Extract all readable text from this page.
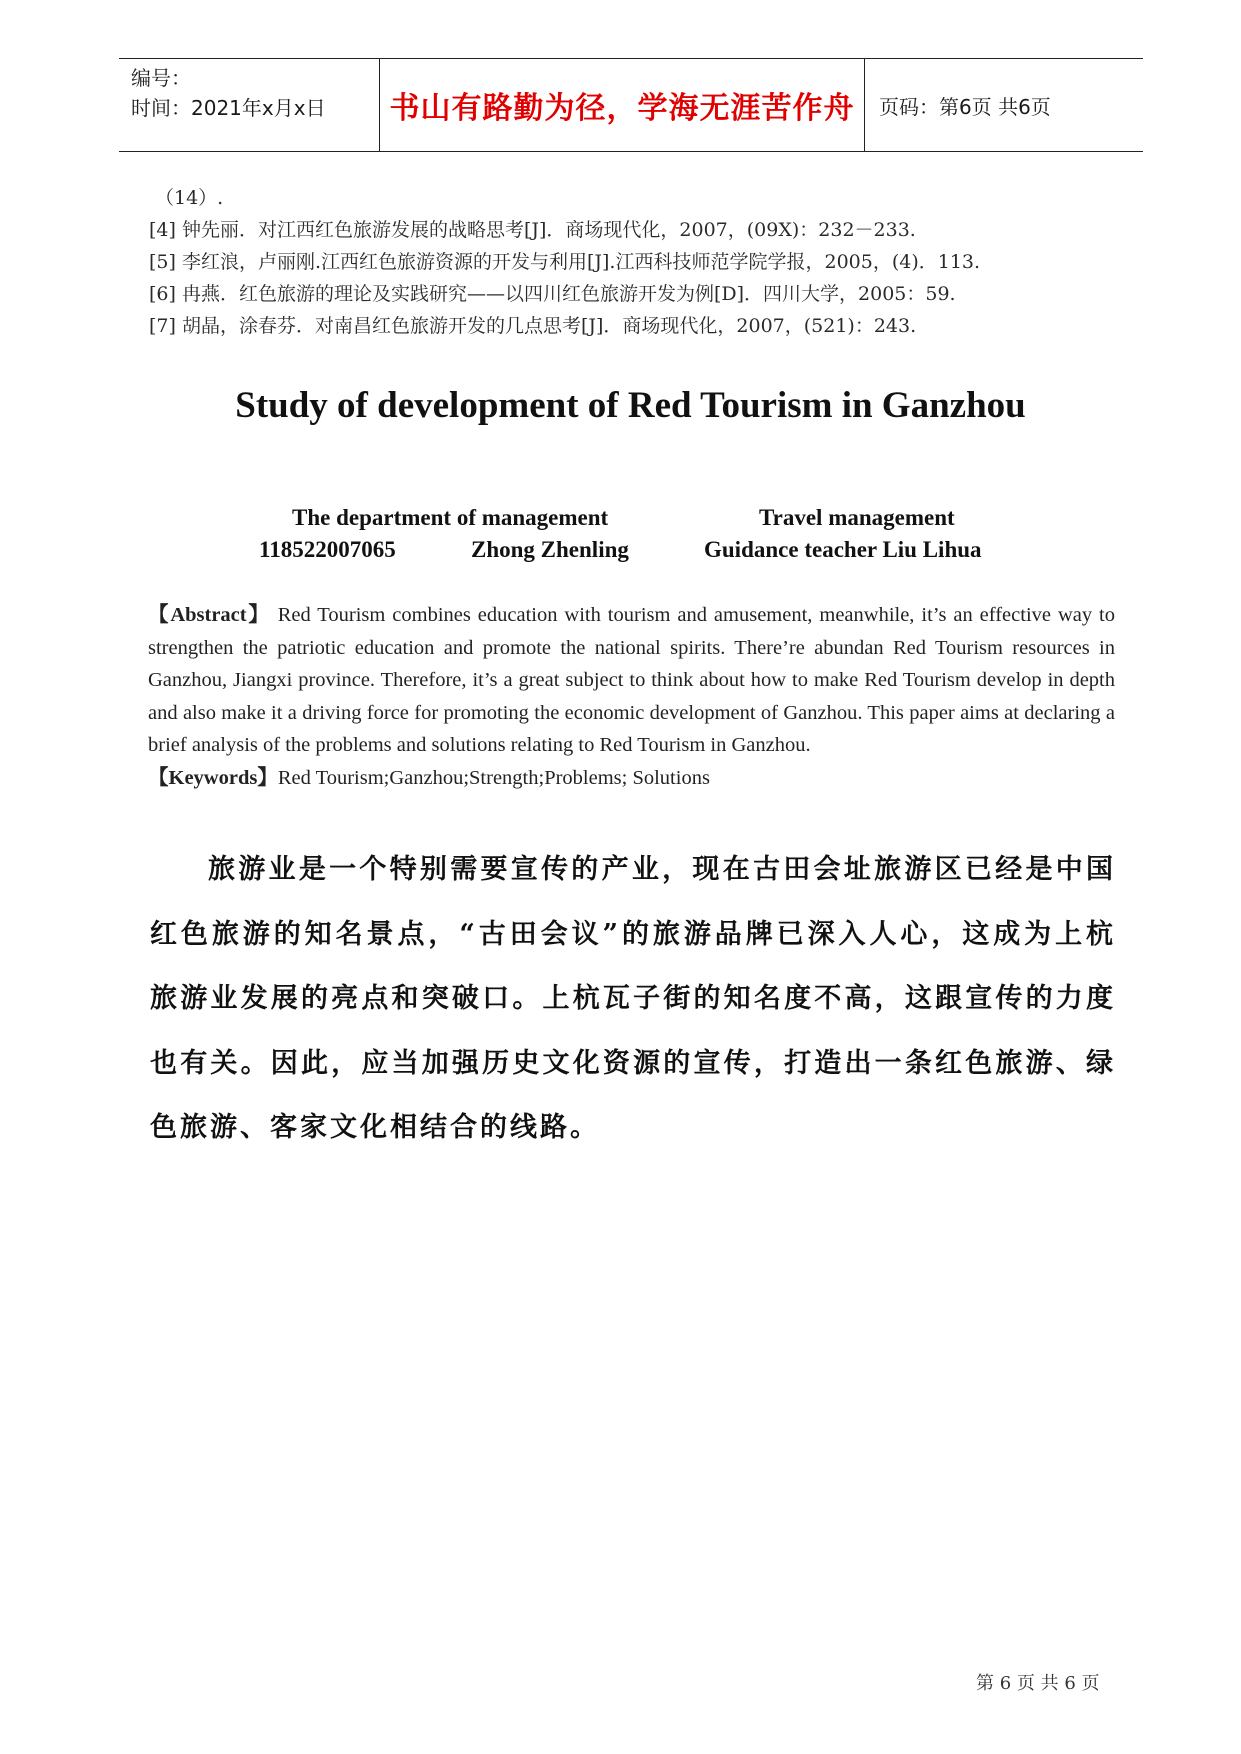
编号：
时间：2021年x月x日	书山有路勤为径，学海无涯苦作舟 页码：第6页 共6页
（14）.
[4] 钟先丽．对江西红色旅游发展的战略思考[J]．商场现代化，2007，(09X)：232－233.
[5] 李红浪，卢丽刚.江西红色旅游资源的开发与利用[J].江西科技师范学院学报，2005，(4)．113.
[6] 冉燕．红色旅游的理论及实践研究——以四川红色旅游开发为例[D]．四川大学，2005：59.
[7] 胡晶，涂春芬．对南昌红色旅游开发的几点思考[J]．商场现代化，2007，(521)：243.
Study of development of Red Tourism in Ganzhou
The department of management	Travel management
118522007065	Zhong Zhenling	Guidance teacher Liu Lihua
【Abstract】 Red Tourism combines education with tourism and amusement, meanwhile, it’s an effective way to strengthen the patriotic education and promote the national spirits. There’re abundan Red Tourism resources in Ganzhou, Jiangxi province. Therefore, it’s a great subject to think about how to make Red Tourism develop in depth and also make it a driving force for promoting the economic development of Ganzhou. This paper aims at declaring a brief analysis of the problems and solutions relating to Red Tourism in Ganzhou.
【Keywords】Red Tourism;Ganzhou;Strength;Problems; Solutions
旅游业是一个特别需要宣传的产业，现在古田会址旅游区已经是中国红色旅游的知名景点，“古田会议”的旅游品牌已深入人心，这成为上杭旅游业发展的亮点和突破口。上杭瓦子街的知名度不高，这跟宣传的力度也有关。因此，应当加强历史文化资源的宣传，打造出一条红色旅游、绿色旅游、客家文化相结合的线路。
第 6 页 共 6 页
